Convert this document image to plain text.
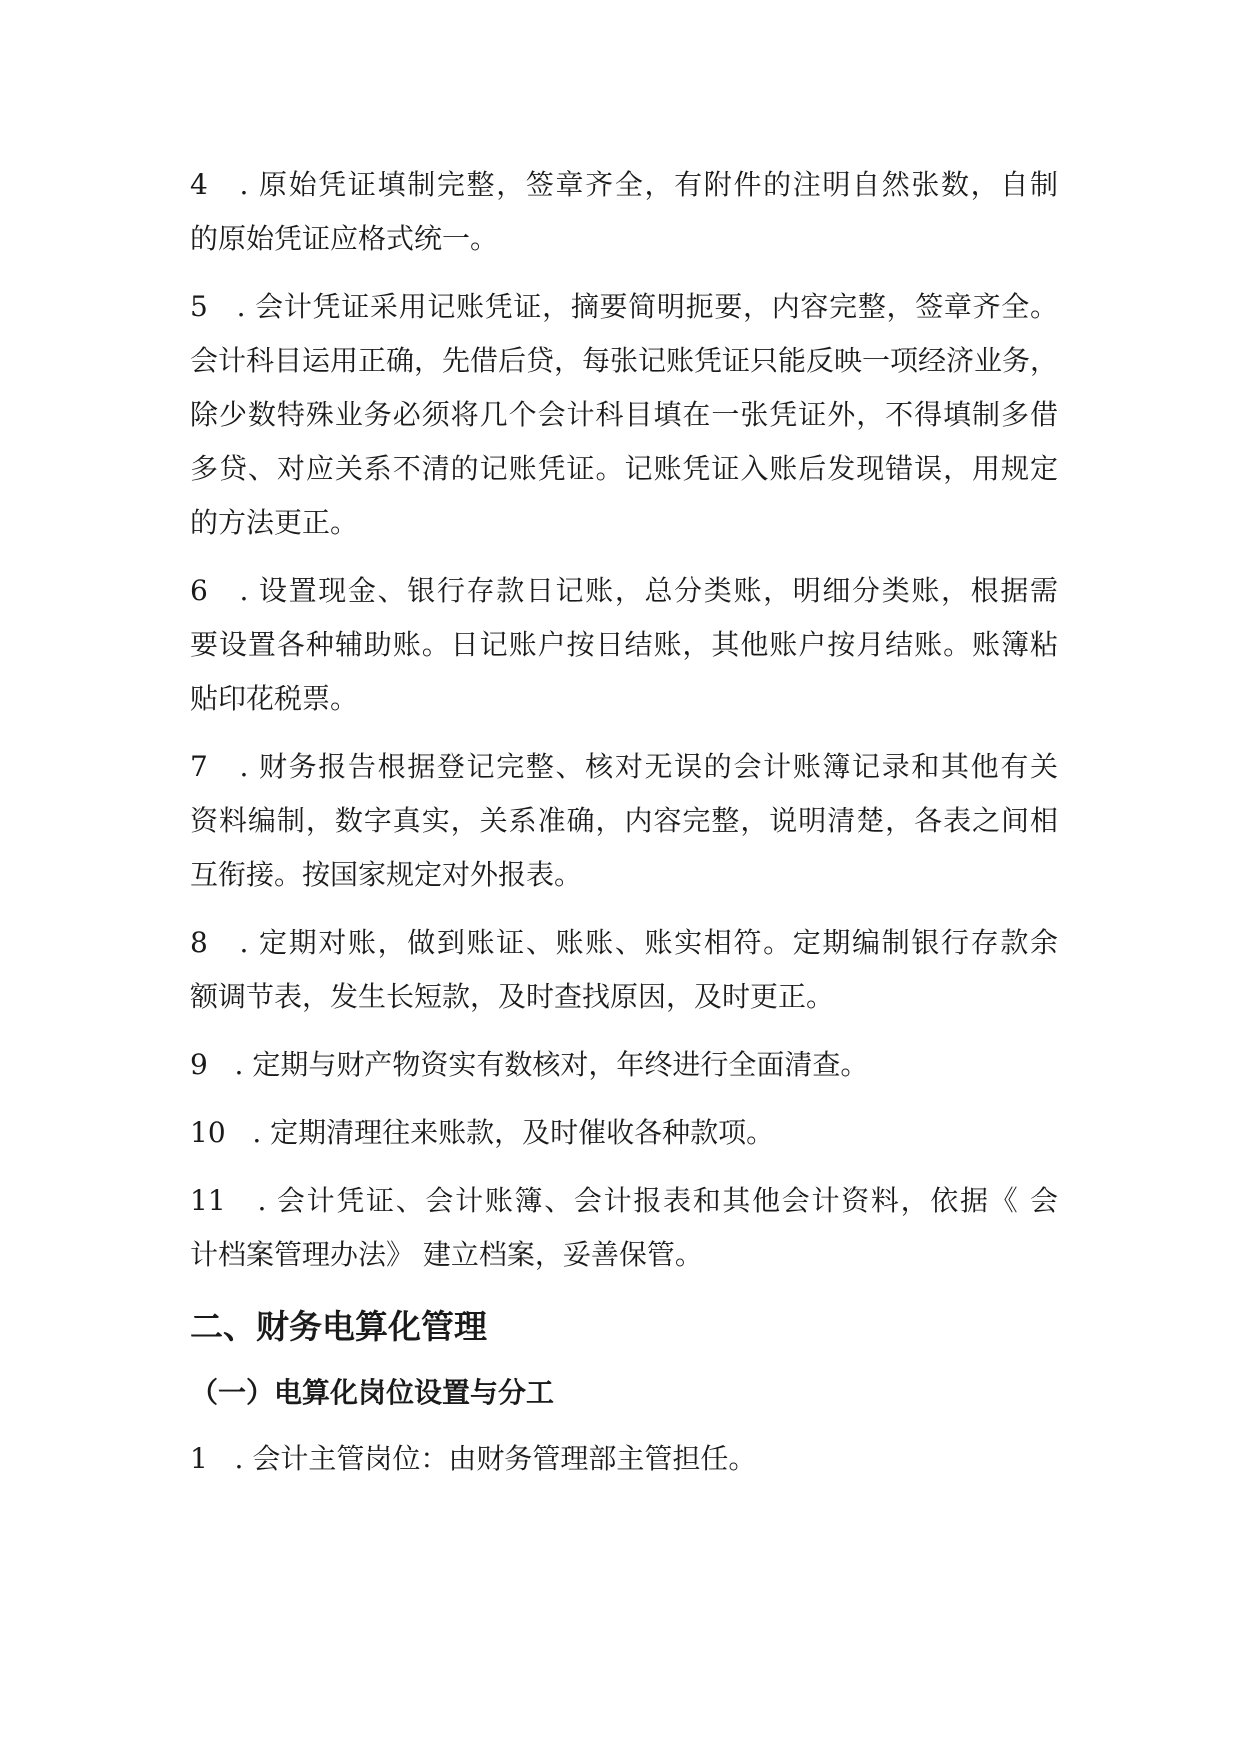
4 . 原始凭证填制完整，签章齐全，有附件的注明自然张数，自制
的原始凭证应格式统一。
5 . 会计凭证采用记账凭证，摘要简明扼要，内容完整，签章齐全。
会计科目运用正确，先借后贷，每张记账凭证只能反映一项经济业务，
除少数特殊业务必须将几个会计科目填在一张凭证外，不得填制多借
多贷、对应关系不清的记账凭证。记账凭证入账后发现错误，用规定
的方法更正。
6 . 设置现金、银行存款日记账，总分类账，明细分类账，根据需
要设置各种辅助账。日记账户按日结账，其他账户按月结账。账簿粘
贴印花税票。
7 . 财务报告根据登记完整、核对无误的会计账簿记录和其他有关
资料编制，数字真实，关系准确，内容完整，说明清楚，各表之间相
互衔接。按国家规定对外报表。
8 . 定期对账，做到账证、账账、账实相符。定期编制银行存款余
额调节表，发生长短款，及时查找原因，及时更正。
9 . 定期与财产物资实有数核对，年终进行全面清查。
10 . 定期清理往来账款，及时催收各种款项。
11 . 会计凭证、会计账簿、会计报表和其他会计资料，依据《 会
计档案管理办法》 建立档案，妥善保管。
二、财务电算化管理
（一）电算化岗位设置与分工
1 . 会计主管岗位：由财务管理部主管担任。
